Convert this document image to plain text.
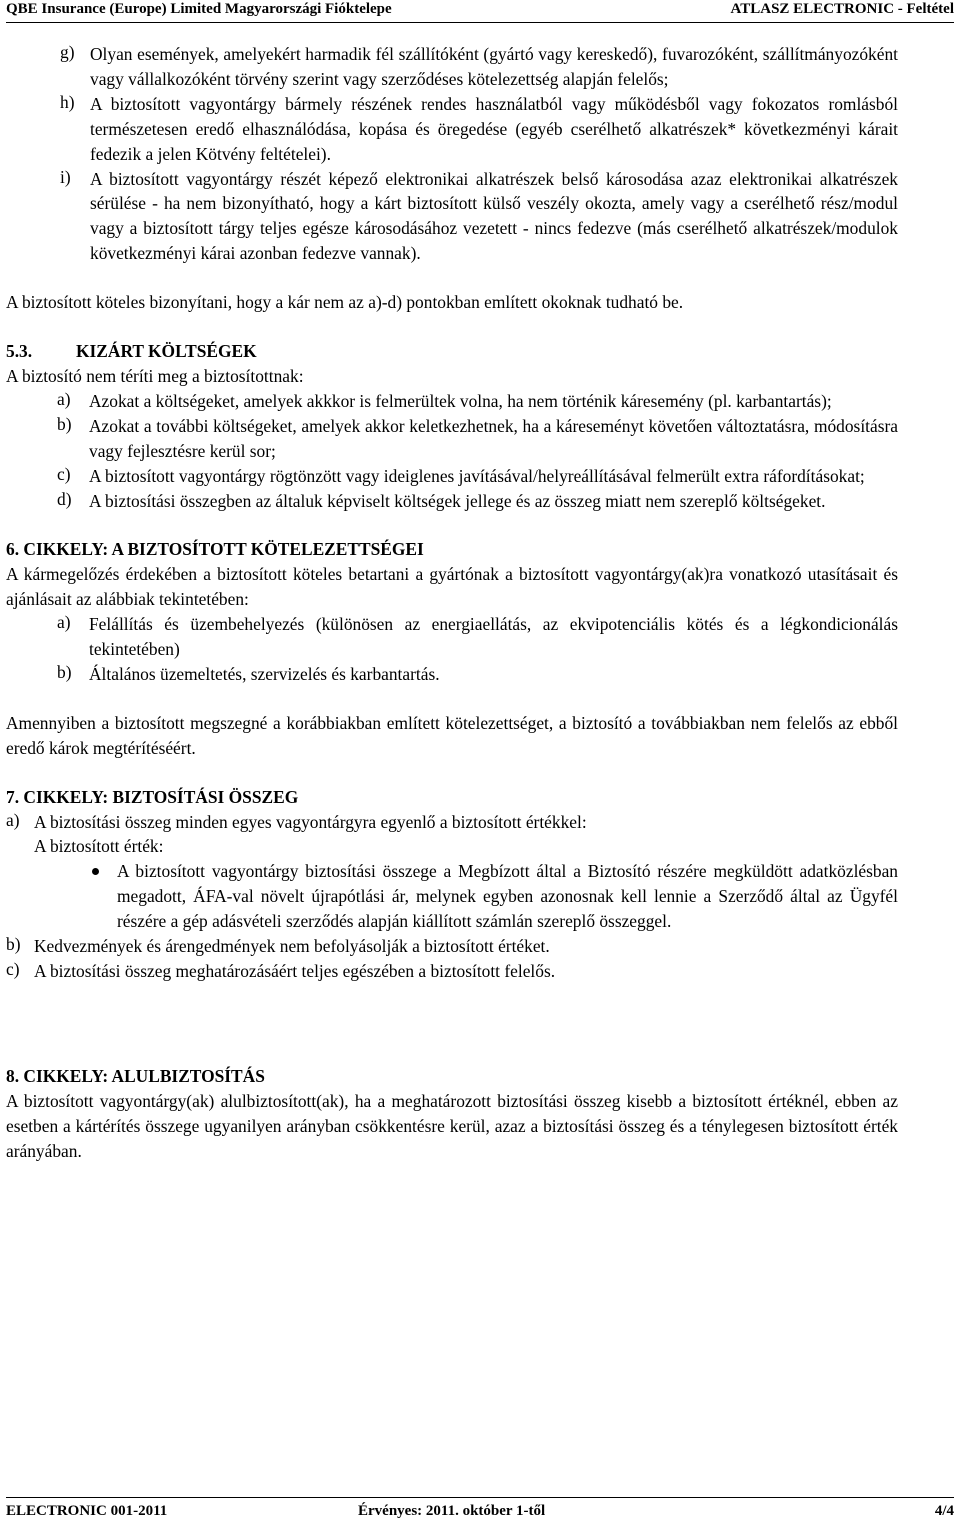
QBE Insurance (Europe) Limited Magyarországi Fióktelepe	ATLASZ ELECTRONIC - Feltétel
g) Olyan események, amelyekért harmadik fél szállítóként (gyártó vagy kereskedő), fuvarozóként, szállítmányozóként vagy vállalkozóként törvény szerint vagy szerződéses kötelezettség alapján felelős;

h) A biztosított vagyontárgy bármely részének rendes használatból vagy működésből vagy fokozatos romlásból természetesen eredő elhasználódása, kopása és öregedése (egyéb cserélhető alkatrészek* következményi kárait fedezik a jelen Kötvény feltételei).

i) A biztosított vagyontárgy részét képező elektronikai alkatrészek belső károsodása azaz elektronikai alkatrészek sérülése - ha nem bizonyítható, hogy a kárt biztosított külső veszély okozta, amely vagy a cserélhető rész/modul vagy a biztosított tárgy teljes egésze károsodásához vezetett - nincs fedezve (más cserélhető alkatrészek/modulok következményi kárai azonban fedezve vannak).

A biztosított köteles bizonyítani, hogy a kár nem az a)-d) pontokban említett okoknak tudható be.

5.3.	KIZÁRT KÖLTSÉGEK

A biztosító nem téríti meg a biztosítottnak:

a) Azokat a költségeket, amelyek akkkor is felmerültek volna, ha nem történik káresemény (pl. karbantartás);

b) Azokat a további költségeket, amelyek akkor keletkezhetnek, ha a káreseményt követően változtatásra, módosításra vagy fejlesztésre kerül sor;

c) A biztosított vagyontárgy rögtönzött vagy ideiglenes javításával/helyreállításával felmerült extra ráfordításokat;

d) A biztosítási összegben az általuk képviselt költségek jellege és az összeg miatt nem szereplő költségeket.

6. CIKKELY: A BIZTOSÍTOTT KÖTELEZETTSÉGEI

A kármegelőzés érdekében a biztosított köteles betartani a gyártónak a biztosított vagyontárgy(ak)ra vonatkozó utasításait és ajánlásait az alábbiak tekintetében:

a) Felállítás és üzembehelyezés (különösen az energiaellátás, az ekvipotenciális kötés és a légkondicionálás tekintetében)

b) Általános üzemeltetés, szervizelés és karbantartás.

Amennyiben a biztosított megszegné a korábbiakban említett kötelezettséget, a biztosító a továbbiakban nem felelős az ebből eredő károk megtérítéséért.

7. CIKKELY: BIZTOSÍTÁSI ÖSSZEG
a) A biztosítási összeg minden egyes vagyontárgyra egyenlő a biztosított értékkel:

A biztosított érték:

A biztosított vagyontárgy biztosítási összege a Megbízott által a Biztosító részére megküldött adatközlésban megadott, ÁFA-val növelt újrapótlási ár, melynek egyben azonosnak kell lennie a Szerződő által az Ügyfél részére a gép adásvételi szerződés alapján kiállított számlán szereplő összeggel.

b) Kedvezmények és árengedmények nem befolyásolják a biztosított értéket.

c) A biztosítási összeg meghatározásáért teljes egészében a biztosított felelős.

8. CIKKELY: ALULBIZTOSÍTÁS

A biztosított vagyontárgy(ak) alulbiztosított(ak), ha a meghatározott biztosítási összeg kisebb a biztosított értéknél, ebben az esetben a kártérítés összege ugyanilyen arányban csökkentésre kerül, azaz a biztosítási összeg és a ténylegesen biztosított érték arányában.

ELECTRONIC 001-2011	Érvényes: 2011. október 1-től	4/4
